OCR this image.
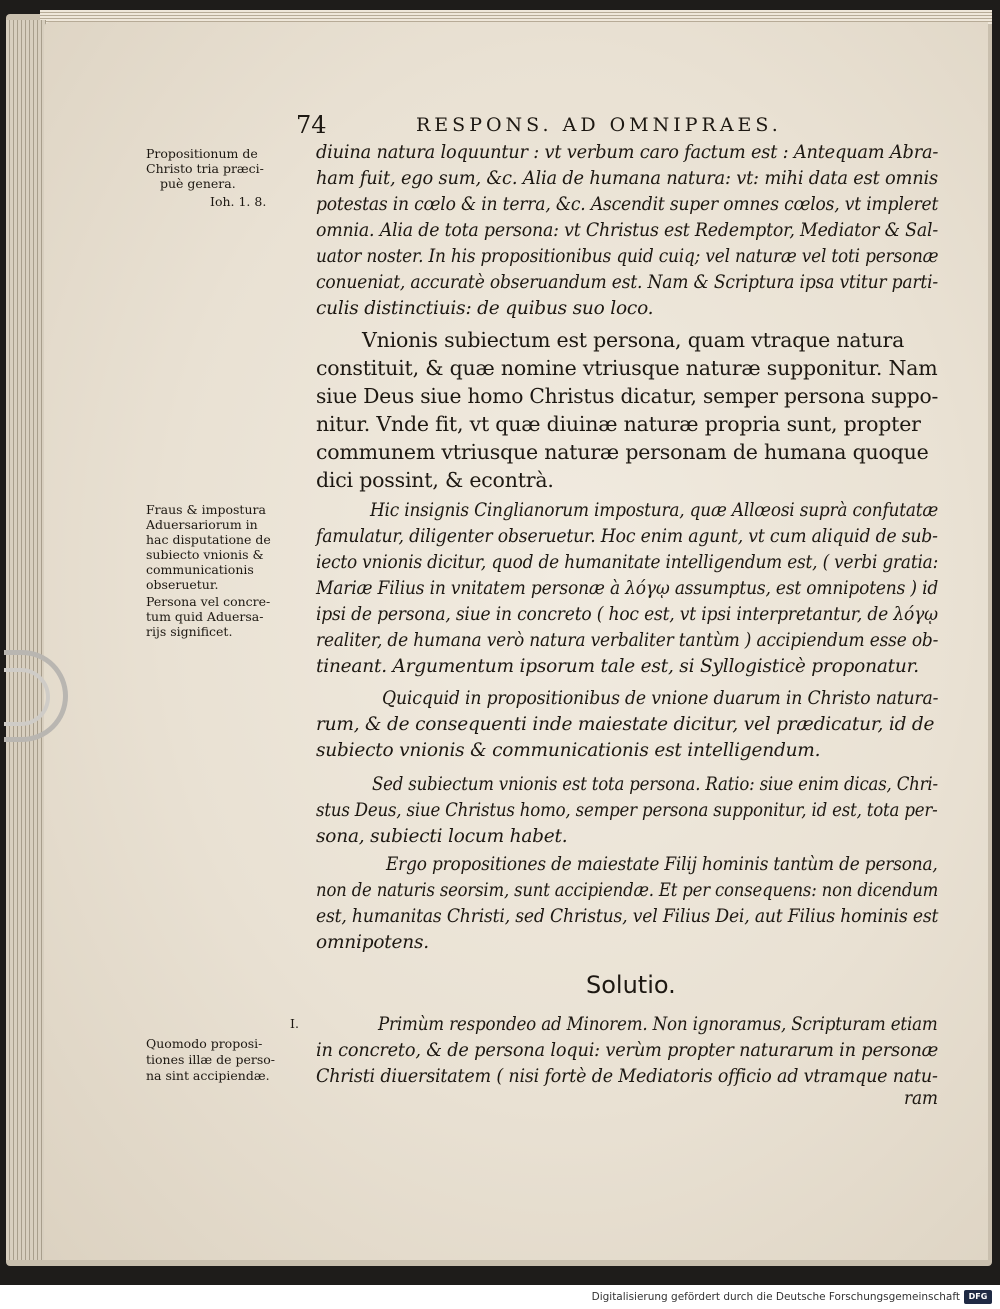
74	RESPONS. AD OMNIPRAES.
Propositionum de
Christo tria præci-
puè genera.
Ioh. 1. 8.
Fraus & impostura
Aduersariorum in
hac disputatione de
subiecto vnionis &
communicationis
obseruetur.
Persona vel concre-
tum quid Aduersa-
rijs significet.
I.
Quomodo proposi-
tiones illæ de perso-
na sint accipiendæ.
diuina natura loquuntur : vt verbum caro factum est : Antequam Abra-
ham fuit, ego sum, &c. Alia de humana natura: vt: mihi data est omnis
potestas in cœlo & in terra, &c. Ascendit super omnes cœlos, vt impleret
omnia. Alia de tota persona: vt Christus est Redemptor, Mediator & Sal-
uator noster. In his propositionibus quid cuiq; vel naturæ vel toti personæ
conueniat, accuratè obseruandum est. Nam & Scriptura ipsa vtitur parti-
culis distinctiuis: de quibus suo loco.
Vnionis subiectum est persona, quam vtraque natura
constituit, & quæ nomine vtriusque naturæ supponitur. Nam
siue Deus siue homo Christus dicatur, semper persona suppo-
nitur. Vnde fit, vt quæ diuinæ naturæ propria sunt, propter
communem vtriusque naturæ personam de humana quoque
dici possint, & econtrà.
Hic insignis Cinglianorum impostura, quæ Allœosi suprà confutatæ
famulatur, diligenter obseruetur. Hoc enim agunt, vt cum aliquid de sub-
iecto vnionis dicitur, quod de humanitate intelligendum est, ( verbi gratia:
Mariæ Filius in vnitatem personæ à λόγῳ assumptus, est omnipotens ) id
ipsi de persona, siue in concreto ( hoc est, vt ipsi interpretantur, de λόγῳ
realiter, de humana verò natura verbaliter tantùm ) accipiendum esse ob-
tineant. Argumentum ipsorum tale est, si Syllogisticè proponatur.
Quicquid in propositionibus de vnione duarum in Christo natura-
rum, & de consequenti inde maiestate dicitur, vel prædicatur, id de
subiecto vnionis & communicationis est intelligendum.
Sed subiectum vnionis est tota persona. Ratio: siue enim dicas, Chri-
stus Deus, siue Christus homo, semper persona supponitur, id est, tota per-
sona, subiecti locum habet.
Ergo propositiones de maiestate Filij hominis tantùm de persona,
non de naturis seorsim, sunt accipiendæ. Et per consequens: non dicendum
est, humanitas Christi, sed Christus, vel Filius Dei, aut Filius hominis est
omnipotens.
Primùm respondeo ad Minorem. Non ignoramus, Scripturam etiam
in concreto, & de persona loqui: verùm propter naturarum in personæ
Christi diuersitatem ( nisi fortè de Mediatoris officio ad vtramque natu-
ram
Solutio.
Digitalisierung gefördert durch die Deutsche Forschungsgemeinschaft	DFG
